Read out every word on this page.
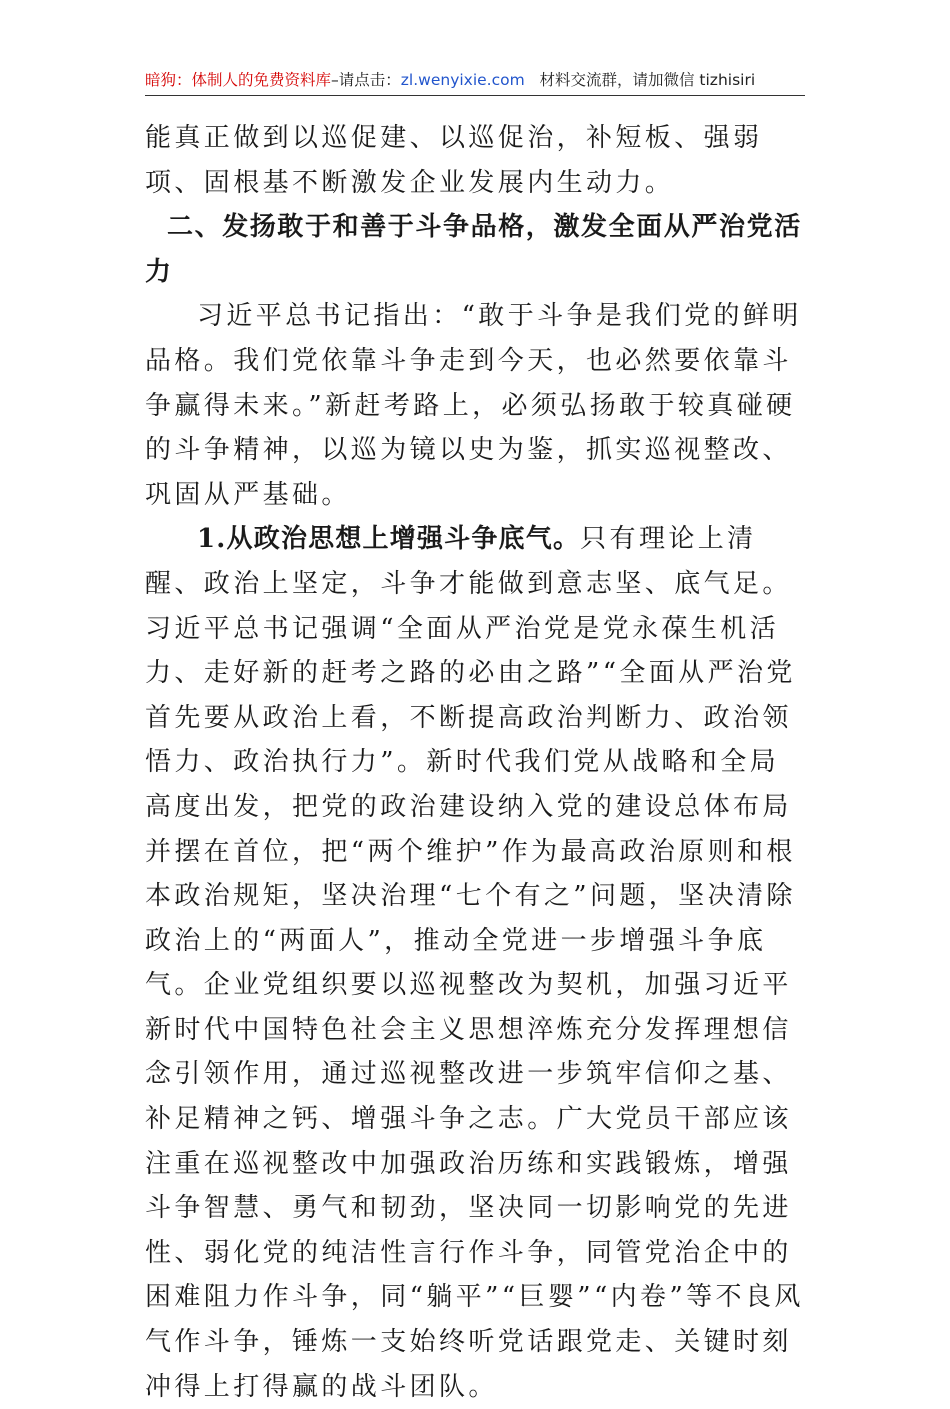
暗狗：体制人的免费资料库–请点击：zl.wenyixie.com 材料交流群，请加微信 tizhisiri

能真正做到以巡促建、以巡促治，补短板、强弱项、固根基不断激发企业发展内生动力。

二、发扬敢于和善于斗争品格，激发全面从严治党活力

习近平总书记指出：“敢于斗争是我们党的鲜明品格。我们党依靠斗争走到今天，也必然要依靠斗争赢得未来。”新赶考路上，必须弘扬敢于较真碰硬的斗争精神，以巡为镜以史为鉴，抓实巡视整改、巩固从严基础。

1.从政治思想上增强斗争底气。只有理论上清醒、政治上坚定，斗争才能做到意志坚、底气足。习近平总书记强调“全面从严治党是党永葆生机活力、走好新的赶考之路的必由之路”“全面从严治党首先要从政治上看，不断提高政治判断力、政治领悟力、政治执行力”。新时代我们党从战略和全局高度出发，把党的政治建设纳入党的建设总体布局并摆在首位，把“两个维护”作为最高政治原则和根本政治规矩，坚决治理“七个有之”问题，坚决清除政治上的“两面人”，推动全党进一步增强斗争底气。企业党组织要以巡视整改为契机，加强习近平新时代中国特色社会主义思想淬炼充分发挥理想信念引领作用，通过巡视整改进一步筑牢信仰之基、补足精神之钙、增强斗争之志。广大党员干部应该注重在巡视整改中加强政治历练和实践锻炼，增强斗争智慧、勇气和韧劲，坚决同一切影响党的先进性、弱化党的纯洁性言行作斗争，同管党治企中的困难阻力作斗争，同“躺平”“巨婴”“内卷”等不良风气作斗争，锤炼一支始终听党话跟党走、关键时刻冲得上打得赢的战斗团队。
